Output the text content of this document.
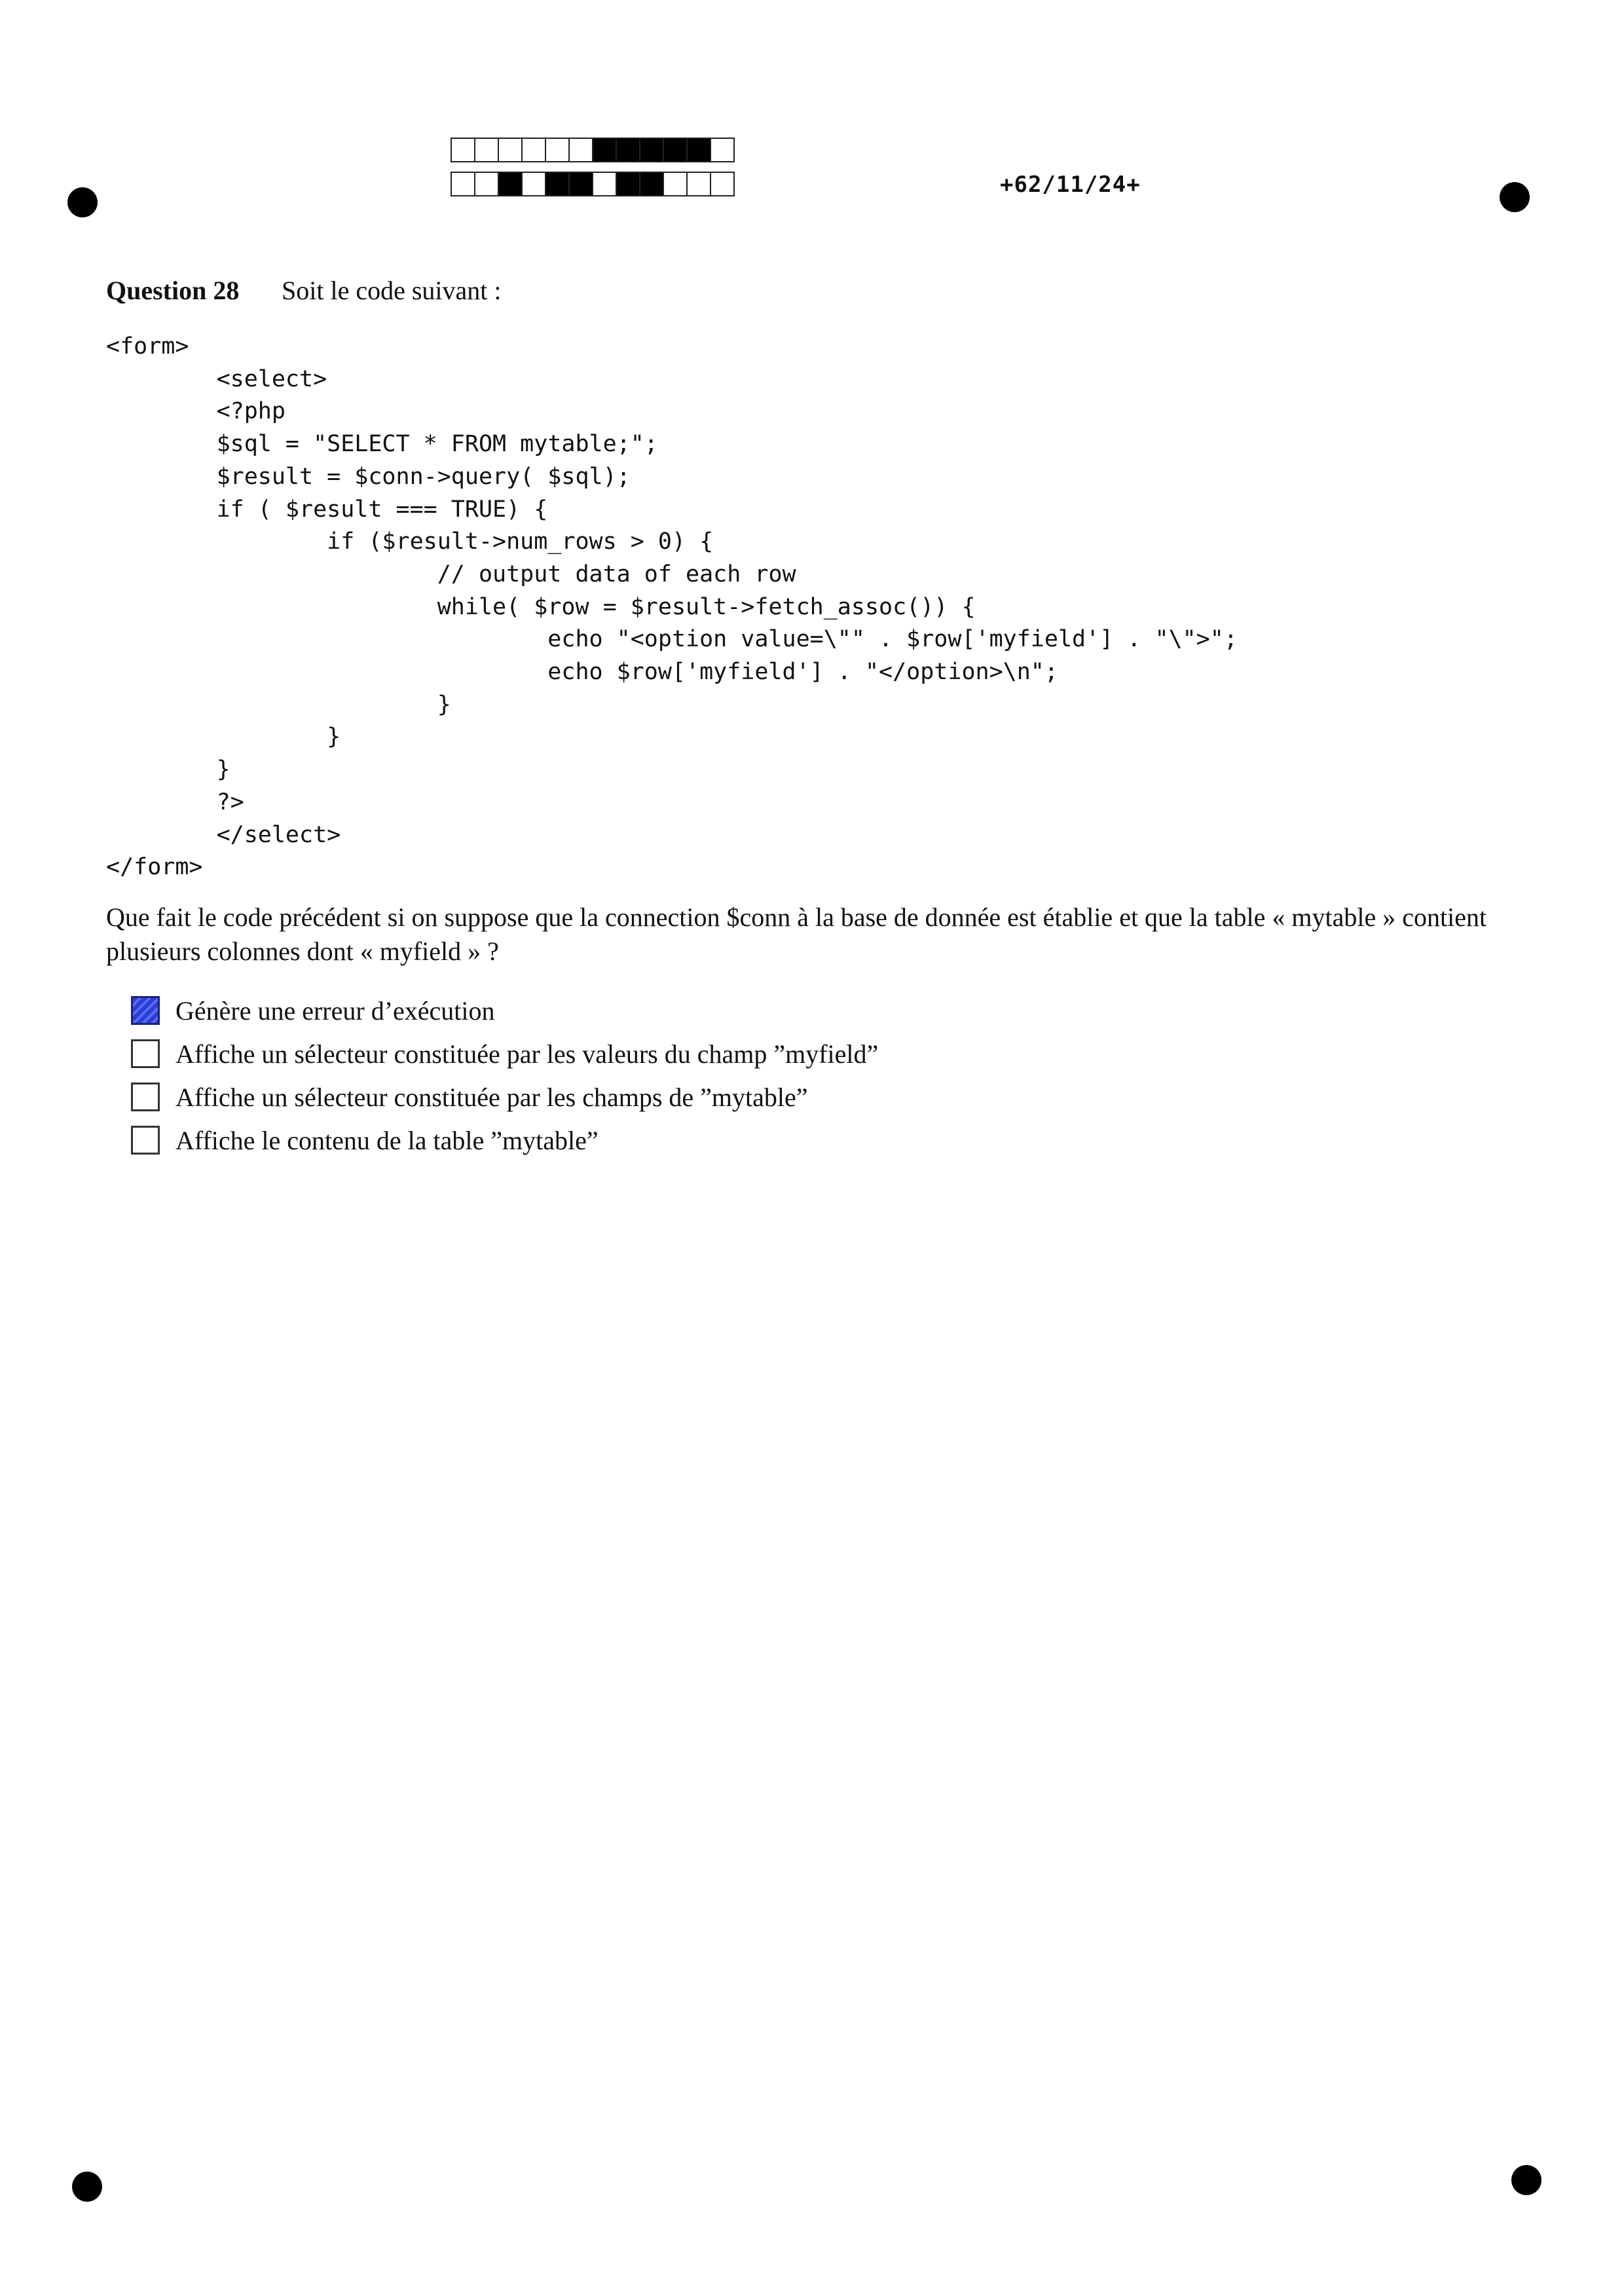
+62/11/24+
Question 28	Soit le code suivant :
<form>
<select>
<?php
$sql = "SELECT * FROM mytable;";
$result = $conn->query( $sql);
if ( $result === TRUE) {
if ($result->num_rows > 0) {
// output data of each row
while( $row = $result->fetch_assoc()) {
echo "<option value=\"" . $row['myfield'] . "\">";
echo $row['myfield'] . "</option>\n";
}
}
}
?>
</select>
</form>
Que fait le code précédent si on suppose que la connection $conn à la base de donnée est établie et que la table « mytable » contient plusieurs colonnes dont « myfield » ?
Génère une erreur d’exécution
Affiche un sélecteur constituée par les valeurs du champ ”myfield”
Affiche un sélecteur constituée par les champs de ”mytable”
Affiche le contenu de la table ”mytable”
